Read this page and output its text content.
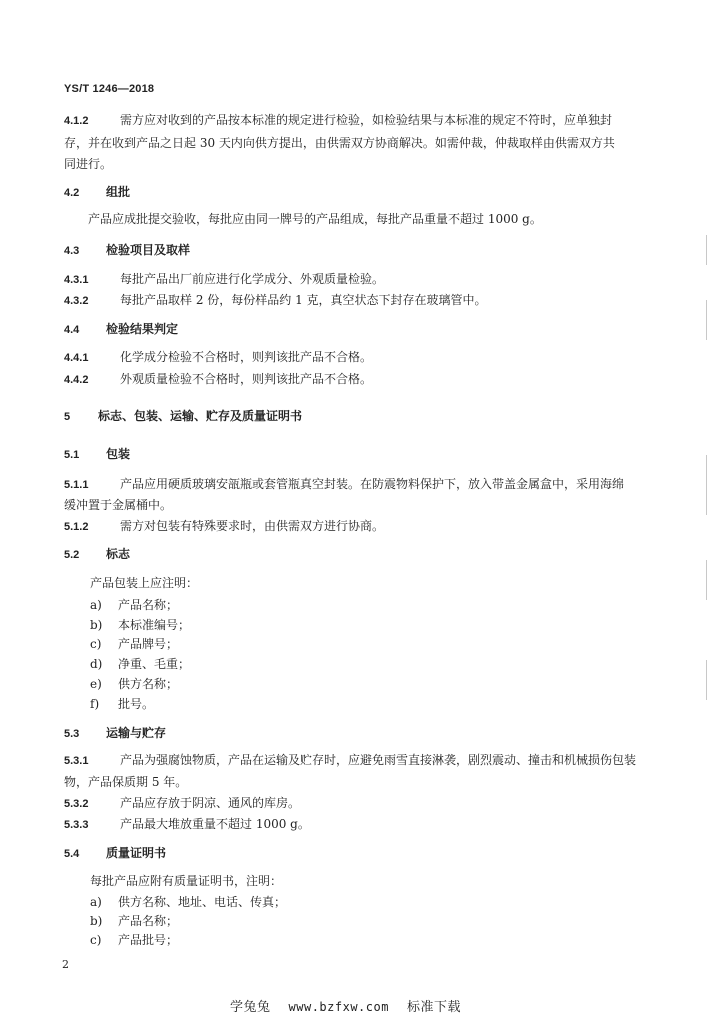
YS/T 1246—2018
4.1.2	需方应对收到的产品按本标准的规定进行检验，如检验结果与本标准的规定不符时，应单独封
存，并在收到产品之日起 30 天内向供方提出，由供需双方协商解决。如需仲裁，仲裁取样由供需双方共
同进行。
4.2 组批
产品应成批提交验收，每批应由同一牌号的产品组成，每批产品重量不超过 1000 g。
4.3 检验项目及取样
4.3.1	每批产品出厂前应进行化学成分、外观质量检验。
4.3.2	每批产品取样 2 份，每份样品约 1 克，真空状态下封存在玻璃管中。
4.4 检验结果判定
4.4.1	化学成分检验不合格时，则判该批产品不合格。
4.4.2	外观质量检验不合格时，则判该批产品不合格。
5 标志、包装、运输、贮存及质量证明书
5.1 包装
5.1.1	产品应用硬质玻璃安瓿瓶或套管瓶真空封装。在防震物料保护下，放入带盖金属盒中，采用海绵
缓冲置于金属桶中。
5.1.2	需方对包装有特殊要求时，由供需双方进行协商。
5.2 标志
产品包装上应注明：
a) 产品名称；
b) 本标准编号；
c) 产品牌号；
d) 净重、毛重；
e) 供方名称；
f) 批号。
5.3 运输与贮存
5.3.1	产品为强腐蚀物质，产品在运输及贮存时，应避免雨雪直接淋袭，剧烈震动、撞击和机械损伤包装
物，产品保质期 5 年。
5.3.2	产品应存放于阴凉、通风的库房。
5.3.3	产品最大堆放重量不超过 1000 g。
5.4 质量证明书
每批产品应附有质量证明书，注明：
a) 供方名称、地址、电话、传真；
b) 产品名称；
c) 产品批号；
2
学兔兔 www.bzfxw.com 标准下载
